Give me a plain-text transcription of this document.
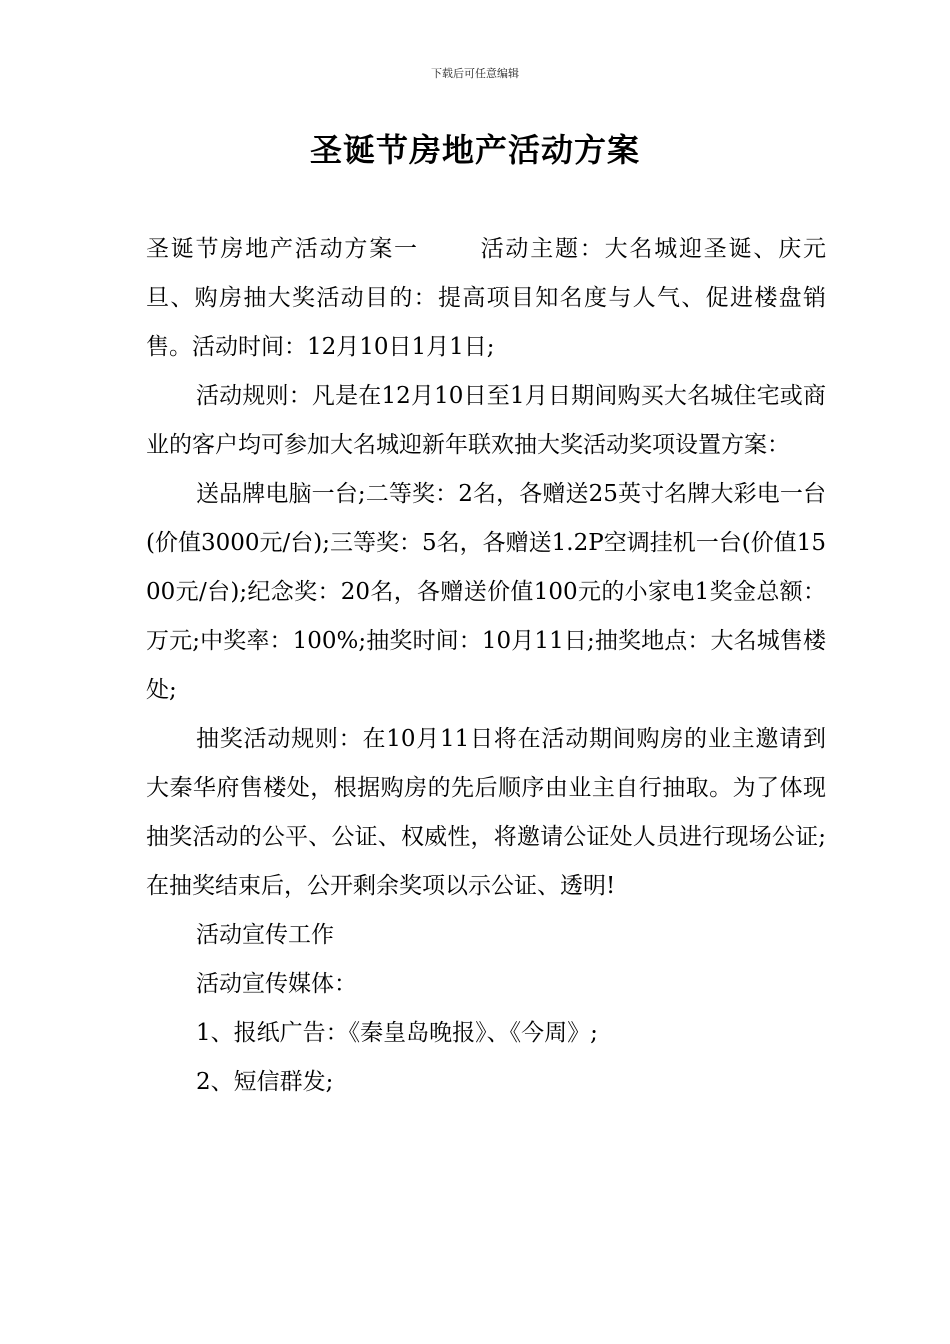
下载后可任意编辑
圣诞节房地产活动方案

圣诞节房地产活动方案一	活动主题：大名城迎圣诞、庆元旦、购房抽大奖活动目的：提高项目知名度与人气、促进楼盘销售。活动时间：12月10日1月1日;

活动规则：凡是在12月10日至1月日期间购买大名城住宅或商业的客户均可参加大名城迎新年联欢抽大奖活动奖项设置方案：

送品牌电脑一台;二等奖：2名，各赠送25英寸名牌大彩电一台(价值3000元/台);三等奖：5名，各赠送1.2P空调挂机一台(价值1500元/台);纪念奖：20名，各赠送价值100元的小家电1奖金总额：万元;中奖率：100%;抽奖时间：10月11日;抽奖地点：大名城售楼处;

抽奖活动规则：在10月11日将在活动期间购房的业主邀请到大秦华府售楼处，根据购房的先后顺序由业主自行抽取。为了体现抽奖活动的公平、公证、权威性，将邀请公证处人员进行现场公证;在抽奖结束后，公开剩余奖项以示公证、透明!

活动宣传工作

活动宣传媒体：

1、报纸广告：《秦皇岛晚报》、《今周》;

2、短信群发;
